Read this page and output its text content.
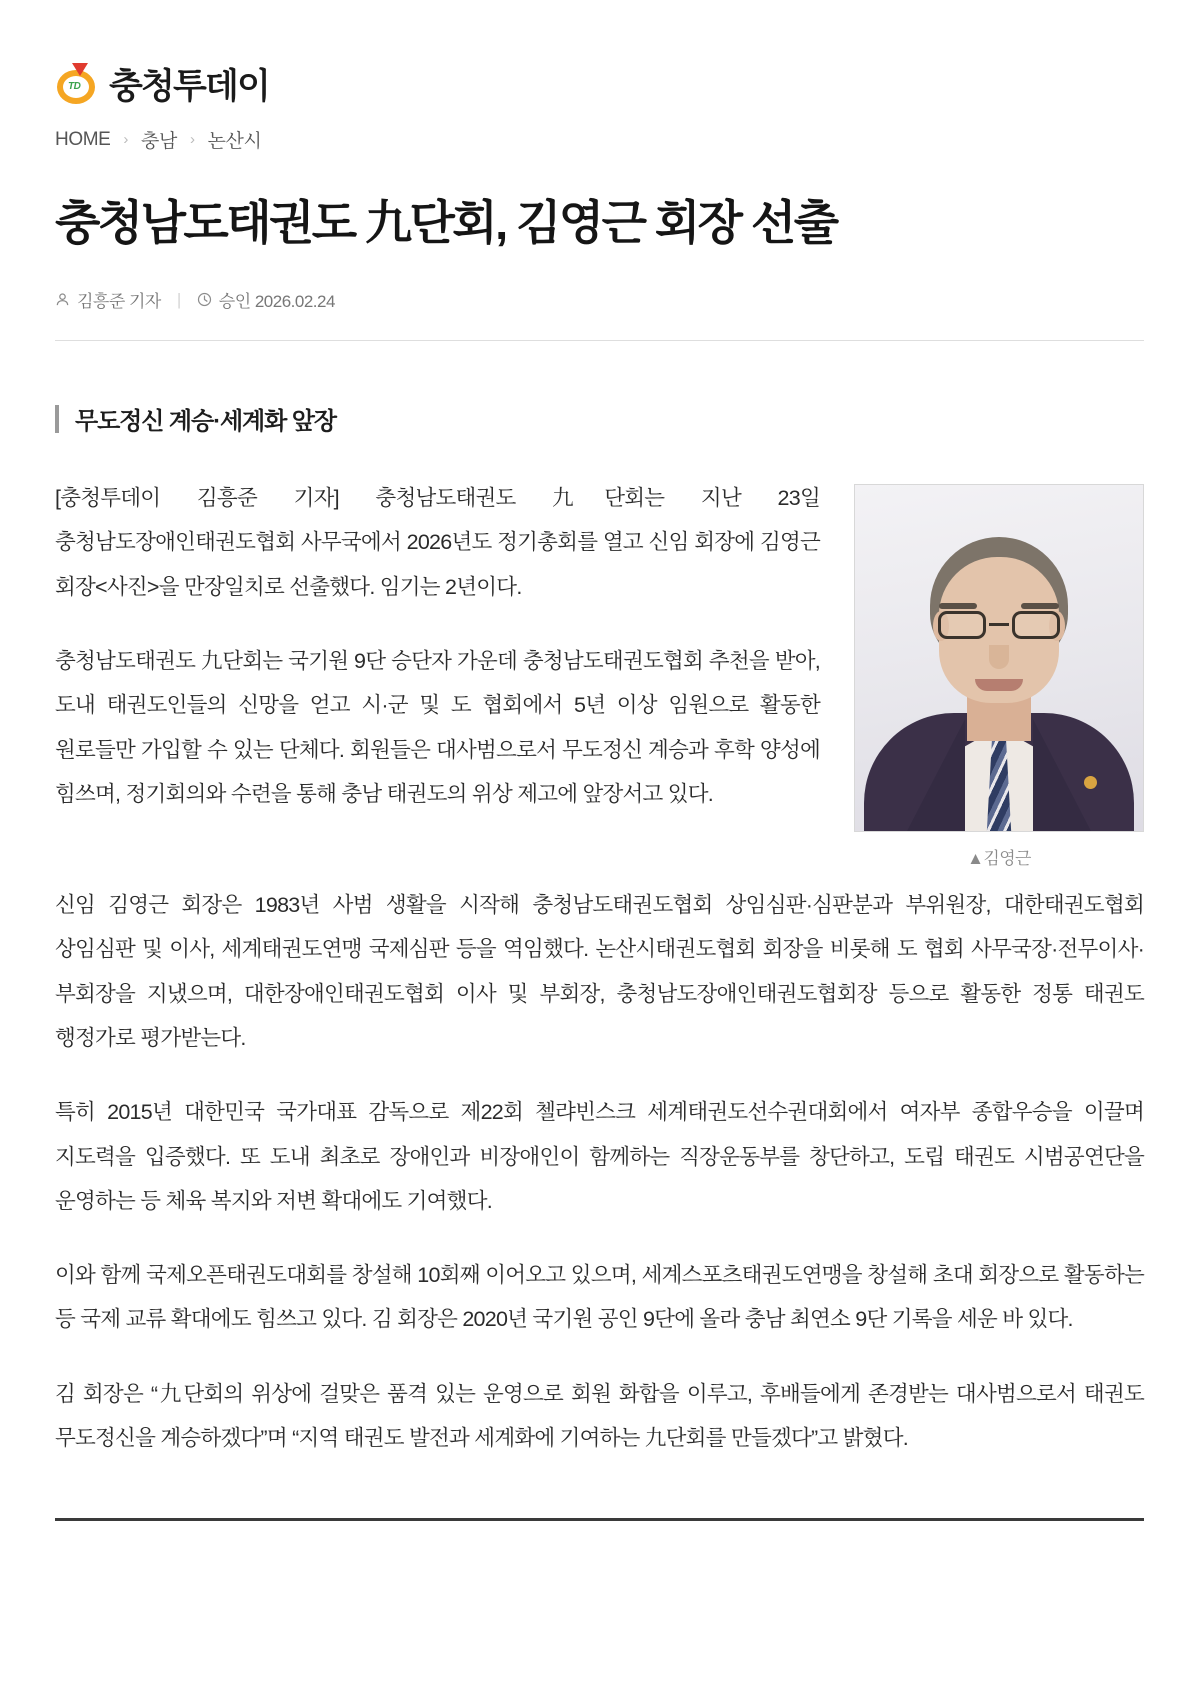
TD 충청투데이
HOME › 충남 › 논산시
충청남도태권도 九단회, 김영근 회장 선출
김흥준 기자 | 승인 2026.02.24
무도정신 계승·세계화 앞장
▲김영근

[충청투데이 김흥준 기자] 충청남도태권도 九단회는 지난 23일 충청남도장애인태권도협회 사무국에서 2026년도 정기총회를 열고 신임 회장에 김영근 회장<사진>을 만장일치로 선출했다. 임기는 2년이다.

충청남도태권도 九단회는 국기원 9단 승단자 가운데 충청남도태권도협회 추천을 받아, 도내 태권도인들의 신망을 얻고 시·군 및 도 협회에서 5년 이상 임원으로 활동한 원로들만 가입할 수 있는 단체다. 회원들은 대사범으로서 무도정신 계승과 후학 양성에 힘쓰며, 정기회의와 수련을 통해 충남 태권도의 위상 제고에 앞장서고 있다.

신임 김영근 회장은 1983년 사범 생활을 시작해 충청남도태권도협회 상임심판·심판분과 부위원장, 대한태권도협회 상임심판 및 이사, 세계태권도연맹 국제심판 등을 역임했다. 논산시태권도협회 회장을 비롯해 도 협회 사무국장·전무이사·부회장을 지냈으며, 대한장애인태권도협회 이사 및 부회장, 충청남도장애인태권도협회장 등으로 활동한 정통 태권도 행정가로 평가받는다.

특히 2015년 대한민국 국가대표 감독으로 제22회 첼랴빈스크 세계태권도선수권대회에서 여자부 종합우승을 이끌며 지도력을 입증했다. 또 도내 최초로 장애인과 비장애인이 함께하는 직장운동부를 창단하고, 도립 태권도 시범공연단을 운영하는 등 체육 복지와 저변 확대에도 기여했다.

이와 함께 국제오픈태권도대회를 창설해 10회째 이어오고 있으며, 세계스포츠태권도연맹을 창설해 초대 회장으로 활동하는 등 국제 교류 확대에도 힘쓰고 있다. 김 회장은 2020년 국기원 공인 9단에 올라 충남 최연소 9단 기록을 세운 바 있다.

김 회장은 “九단회의 위상에 걸맞은 품격 있는 운영으로 회원 화합을 이루고, 후배들에게 존경받는 대사범으로서 태권도 무도정신을 계승하겠다”며 “지역 태권도 발전과 세계화에 기여하는 九단회를 만들겠다”고 밝혔다.
